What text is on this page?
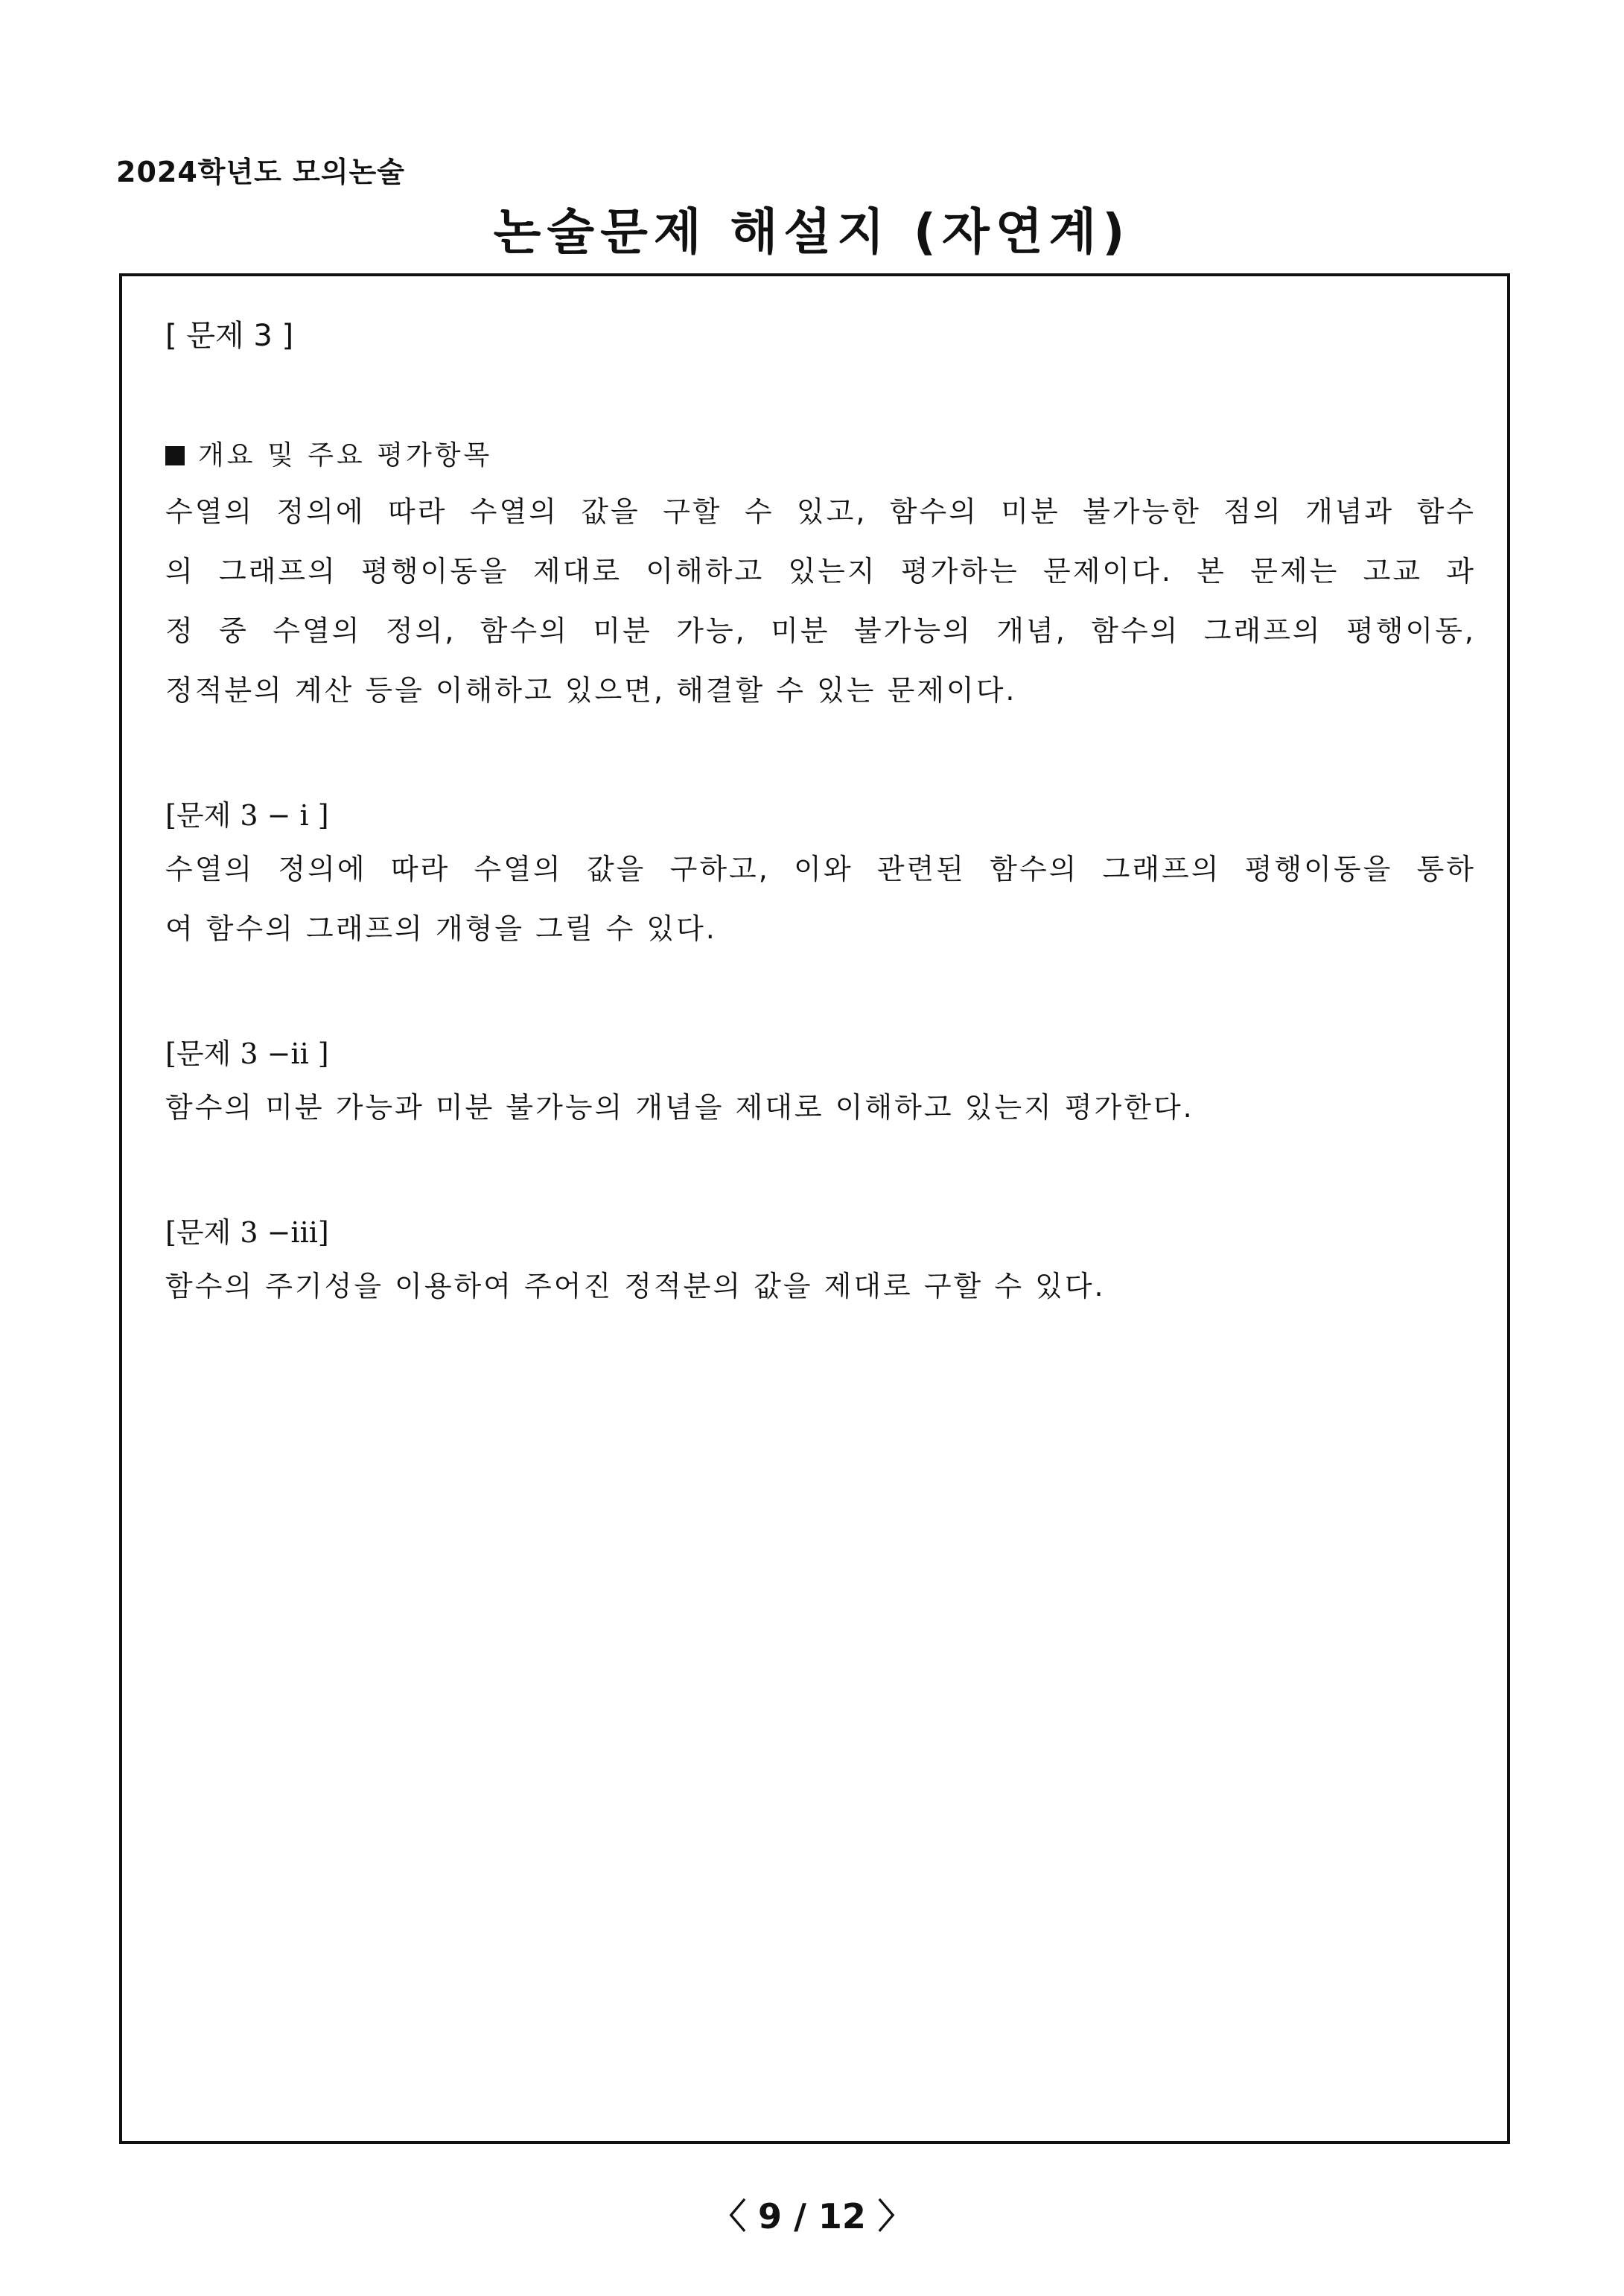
2024학년도 모의논술
논술문제 해설지 (자연계)
[ 문제 3 ]
개요 및 주요 평가항목
수열의 정의에 따라 수열의 값을 구할 수 있고, 함수의 미분 불가능한 점의 개념과 함수
의 그래프의 평행이동을 제대로 이해하고 있는지 평가하는 문제이다. 본 문제는 고교 과
정 중 수열의 정의, 함수의 미분 가능, 미분 불가능의 개념, 함수의 그래프의 평행이동,
정적분의 계산 등을 이해하고 있으면, 해결할 수 있는 문제이다.
[문제 3 − i ]
수열의 정의에 따라 수열의 값을 구하고, 이와 관련된 함수의 그래프의 평행이동을 통하
여 함수의 그래프의 개형을 그릴 수 있다.
[문제 3 −ii ]
함수의 미분 가능과 미분 불가능의 개념을 제대로 이해하고 있는지 평가한다.
[문제 3 −iii]
함수의 주기성을 이용하여 주어진 정적분의 값을 제대로 구할 수 있다.
〈 9 / 12 〉
